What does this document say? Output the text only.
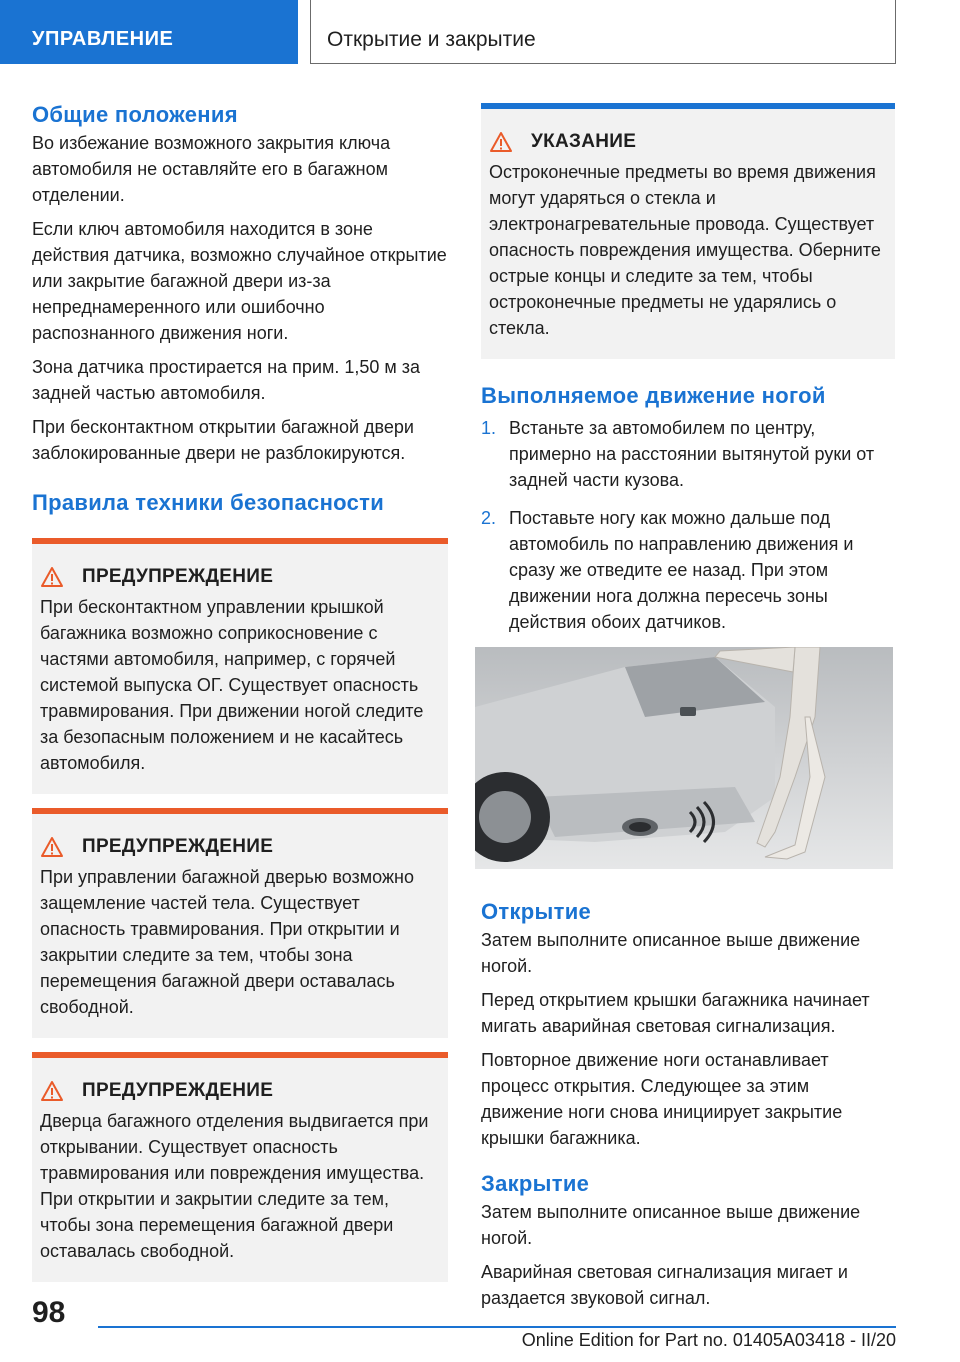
УПРАВЛЕНИЕ	Открытие и закрытие
Общие положения

Во избежание возможного закрытия ключа автомобиля не оставляйте его в багажном отделении.

Если ключ автомобиля находится в зоне действия датчика, возможно случайное открытие или закрытие багажной двери из-за непреднамеренного или ошибочно распознанного движения ноги.

Зона датчика простирается на прим. 1,50 м за задней частью автомобиля.

При бесконтактном открытии багажной двери заблокированные двери не разблокируются.

Правила техники безопасности
ПРЕДУПРЕЖДЕНИЕ

При бесконтактном управлении крышкой багажника возможно соприкосновение с частями автомобиля, например, с горячей системой выпуска ОГ. Существует опасность травмирования. При движении ногой следите за безопасным положением и не касайтесь автомобиля.

ПРЕДУПРЕЖДЕНИЕ

При управлении багажной дверью возможно защемление частей тела. Существует опасность травмирования. При открытии и закрытии следите за тем, чтобы зона перемещения багажной двери оставалась свободной.

ПРЕДУПРЕЖДЕНИЕ

Дверца багажного отделения выдвигается при открывании. Существует опасность травмирования или повреждения имущества. При открытии и закрытии следите за тем, чтобы зона перемещения багажной двери оставалась свободной.

УКАЗАНИЕ

Остроконечные предметы во время движения могут ударяться о стекла и электронагревательные провода. Существует опасность повреждения имущества. Оберните острые концы и следите за тем, чтобы остроконечные предметы не ударялись о стекла.

Выполняемое движение ногой
1. Встаньте за автомобилем по центру, примерно на расстоянии вытянутой руки от задней части кузова.
2. Поставьте ногу как можно дальше под автомобиль по направлению движения и сразу же отведите ее назад. При этом движении нога должна пересечь зоны действия обоих датчиков.
Открытие

Затем выполните описанное выше движение ногой.

Перед открытием крышки багажника начинает мигать аварийная световая сигнализация.

Повторное движение ноги останавливает процесс открытия. Следующее за этим движение ноги снова инициирует закрытие крышки багажника.

Закрытие

Затем выполните описанное выше движение ногой.

Аварийная световая сигнализация мигает и раздается звуковой сигнал.

98
Online Edition for Part no. 01405A03418 - II/20
